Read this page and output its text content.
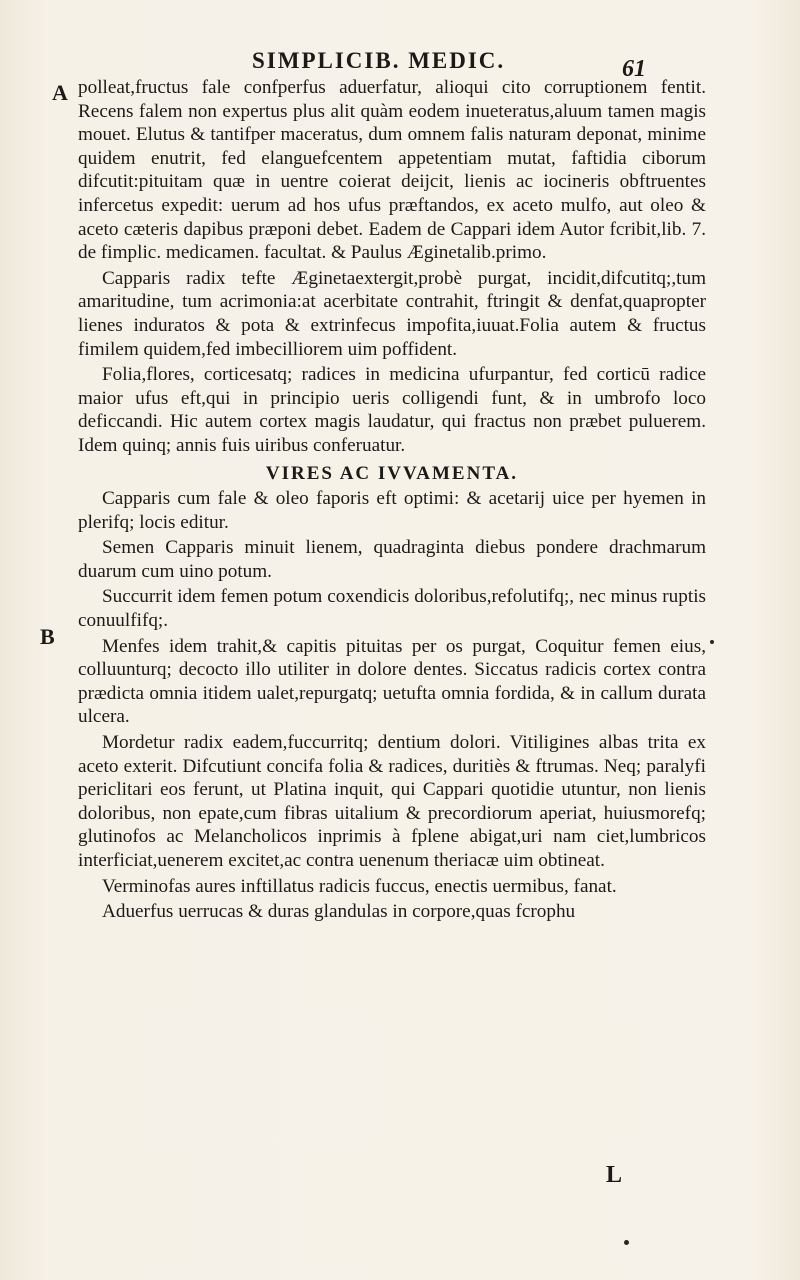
SIMPLICIB. MEDIC.	61
A
B

polleat,fructus fale confperfus aduerfatur, alioqui cito corruptionem fentit. Recens falem non expertus plus alit quàm eodem inueteratus,aluum tamen magis mouet. Elutus & tantifper maceratus, dum omnem falis naturam deponat, minime quidem enutrit, fed elanguefcentem appetentiam mutat, faftidia ciborum difcutit:pituitam quæ in uentre coierat deijcit, lienis ac iocineris obftruentes infercetus expedit: uerum ad hos ufus præftandos, ex aceto mulfo, aut oleo & aceto cæteris dapibus præponi debet. Eadem de Cappari idem Autor fcribit,lib. 7. de fimplic. medicamen. facultat. & Paulus Æginetalib.primo.

Capparis radix tefte Æginetaextergit,probè purgat, incidit,difcutitq;,tum amaritudine, tum acrimonia:at acerbitate contrahit, ftringit & denfat,quapropter lienes induratos & pota & extrinfecus impofita,iuuat.Folia autem & fructus fimilem quidem,fed imbecilliorem uim poffident.

Folia,flores, corticesatq; radices in medicina ufurpantur, fed corticū radice maior ufus eft,qui in principio ueris colligendi funt, & in umbrofo loco deficcandi. Hic autem cortex magis laudatur, qui fractus non præbet puluerem. Idem quinq; annis fuis uiribus conferuatur.

VIRES AC IVVAMENTA.

Capparis cum fale & oleo faporis eft optimi: & acetarij uice per hyemen in plerifq; locis editur.

Semen Capparis minuit lienem, quadraginta diebus pondere drachmarum duarum cum uino potum.

Succurrit idem femen potum coxendicis doloribus,refolutifq;, nec minus ruptis conuulfifq;.

Menfes idem trahit,& capitis pituitas per os purgat, Coquitur femen eius, colluunturq; decocto illo utiliter in dolore dentes. Siccatus radicis cortex contra prædicta omnia itidem ualet,repurgatq; uetufta omnia fordida, & in callum durata ulcera.

Mordetur radix eadem,fuccurritq; dentium dolori. Vitiligines albas trita ex aceto exterit. Difcutiunt concifa folia & radices, duritiès & ftrumas. Neq; paralyfi periclitari eos ferunt, ut Platina inquit, qui Cappari quotidie utuntur, non lienis doloribus, non epate,cum fibras uitalium & precordiorum aperiat, huiusmorefq; glutinofos ac Melancholicos inprimis à fplene abigat,uri nam ciet,lumbricos interficiat,uenerem excitet,ac contra uenenum theriacæ uim obtineat.

Verminofas aures inftillatus radicis fuccus, enectis uermibus, fanat.

Aduerfus uerrucas & duras glandulas in corpore,quas fcrophu

L
